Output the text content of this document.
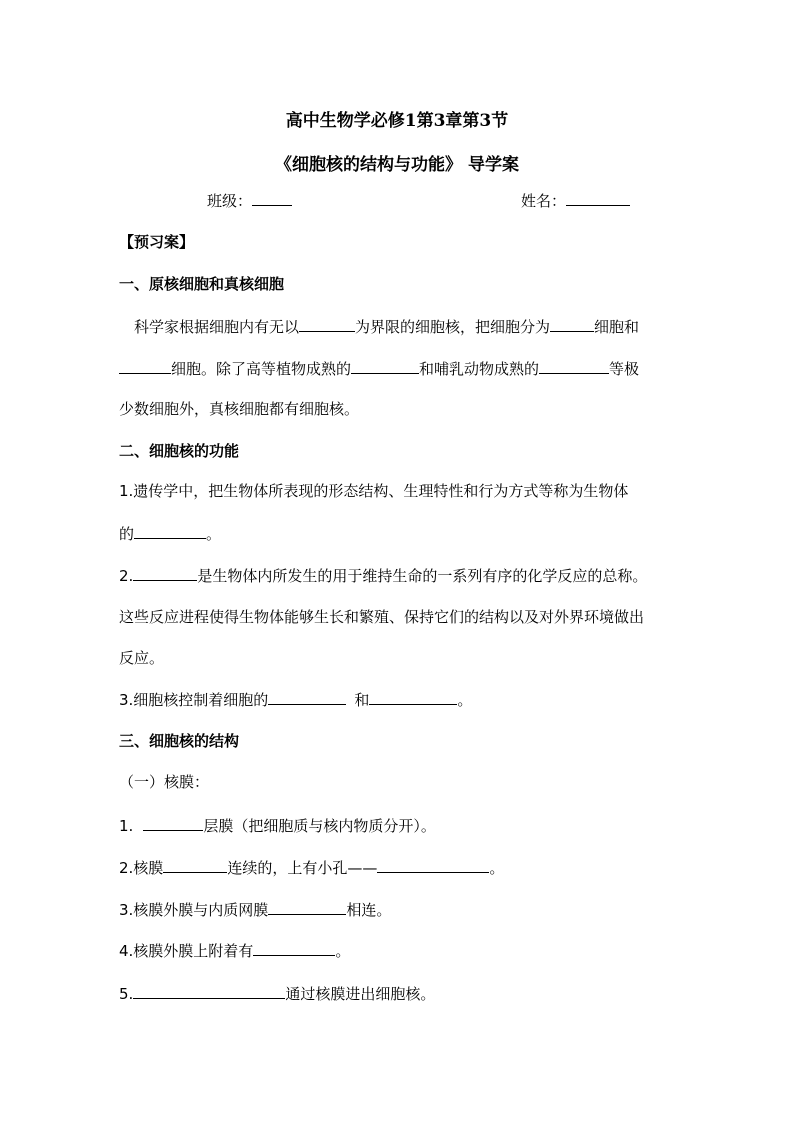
高中生物学必修1第3章第3节
《细胞核的结构与功能》 导学案
班级：	姓名：
【预习案】
一、原核细胞和真核细胞
科学家根据细胞内有无以	为界限的细胞核，把细胞分为	细胞和
细胞。除了高等植物成熟的	和哺乳动物成熟的	等极
少数细胞外，真核细胞都有细胞核。
二、细胞核的功能
1.遗传学中，把生物体所表现的形态结构、生理特性和行为方式等称为生物体
的	。
2.	是生物体内所发生的用于维持生命的一系列有序的化学反应的总称。
这些反应进程使得生物体能够生长和繁殖、保持它们的结构以及对外界环境做出
反应。
3.细胞核控制着细胞的	和	。
三、细胞核的结构
（一）核膜：
1.	层膜（把细胞质与核内物质分开）。
2.核膜	连续的，上有小孔——	。
3.核膜外膜与内质网膜	相连。
4.核膜外膜上附着有	。
5.	通过核膜进出细胞核。
